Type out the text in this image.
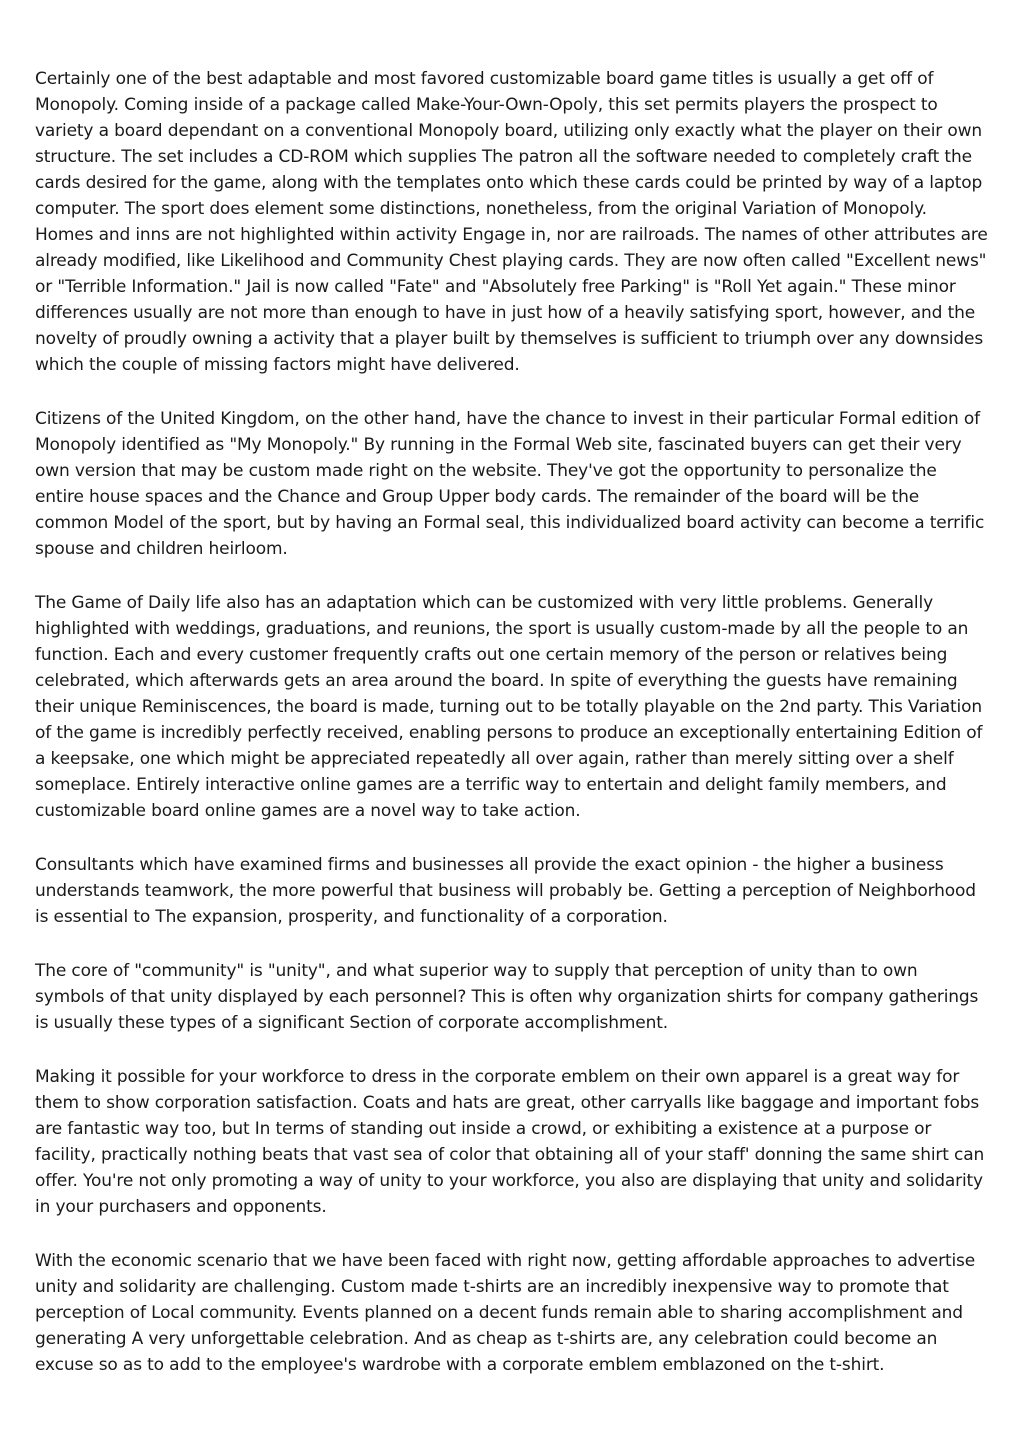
Certainly one of the best adaptable and most favored customizable board game titles is usually a get off of Monopoly. Coming inside of a package called Make-Your-Own-Opoly, this set permits players the prospect to variety a board dependant on a conventional Monopoly board, utilizing only exactly what the player on their own structure. The set includes a CD-ROM which supplies The patron all the software needed to completely craft the cards desired for the game, along with the templates onto which these cards could be printed by way of a laptop computer. The sport does element some distinctions, nonetheless, from the original Variation of Monopoly. Homes and inns are not highlighted within activity Engage in, nor are railroads. The names of other attributes are already modified, like Likelihood and Community Chest playing cards. They are now often called "Excellent news" or "Terrible Information." Jail is now called "Fate" and "Absolutely free Parking" is "Roll Yet again." These minor differences usually are not more than enough to have in just how of a heavily satisfying sport, however, and the novelty of proudly owning a activity that a player built by themselves is sufficient to triumph over any downsides which the couple of missing factors might have delivered.

Citizens of the United Kingdom, on the other hand, have the chance to invest in their particular Formal edition of Monopoly identified as "My Monopoly." By running in the Formal Web site, fascinated buyers can get their very own version that may be custom made right on the website. They've got the opportunity to personalize the entire house spaces and the Chance and Group Upper body cards. The remainder of the board will be the common Model of the sport, but by having an Formal seal, this individualized board activity can become a terrific spouse and children heirloom.

The Game of Daily life also has an adaptation which can be customized with very little problems. Generally highlighted with weddings, graduations, and reunions, the sport is usually custom-made by all the people to an function. Each and every customer frequently crafts out one certain memory of the person or relatives being celebrated, which afterwards gets an area around the board. In spite of everything the guests have remaining their unique Reminiscences, the board is made, turning out to be totally playable on the 2nd party. This Variation of the game is incredibly perfectly received, enabling persons to produce an exceptionally entertaining Edition of a keepsake, one which might be appreciated repeatedly all over again, rather than merely sitting over a shelf someplace. Entirely interactive online games are a terrific way to entertain and delight family members, and customizable board online games are a novel way to take action.

Consultants which have examined firms and businesses all provide the exact opinion - the higher a business understands teamwork, the more powerful that business will probably be. Getting a perception of Neighborhood is essential to The expansion, prosperity, and functionality of a corporation.

The core of "community" is "unity", and what superior way to supply that perception of unity than to own symbols of that unity displayed by each personnel? This is often why organization shirts for company gatherings is usually these types of a significant Section of corporate accomplishment.

Making it possible for your workforce to dress in the corporate emblem on their own apparel is a great way for them to show corporation satisfaction. Coats and hats are great, other carryalls like baggage and important fobs are fantastic way too, but In terms of standing out inside a crowd, or exhibiting a existence at a purpose or facility, practically nothing beats that vast sea of color that obtaining all of your staff' donning the same shirt can offer. You're not only promoting a way of unity to your workforce, you also are displaying that unity and solidarity in your purchasers and opponents.

With the economic scenario that we have been faced with right now, getting affordable approaches to advertise unity and solidarity are challenging. Custom made t-shirts are an incredibly inexpensive way to promote that perception of Local community. Events planned on a decent funds remain able to sharing accomplishment and generating A very unforgettable celebration. And as cheap as t-shirts are, any celebration could become an excuse so as to add to the employee's wardrobe with a corporate emblem emblazoned on the t-shirt.
